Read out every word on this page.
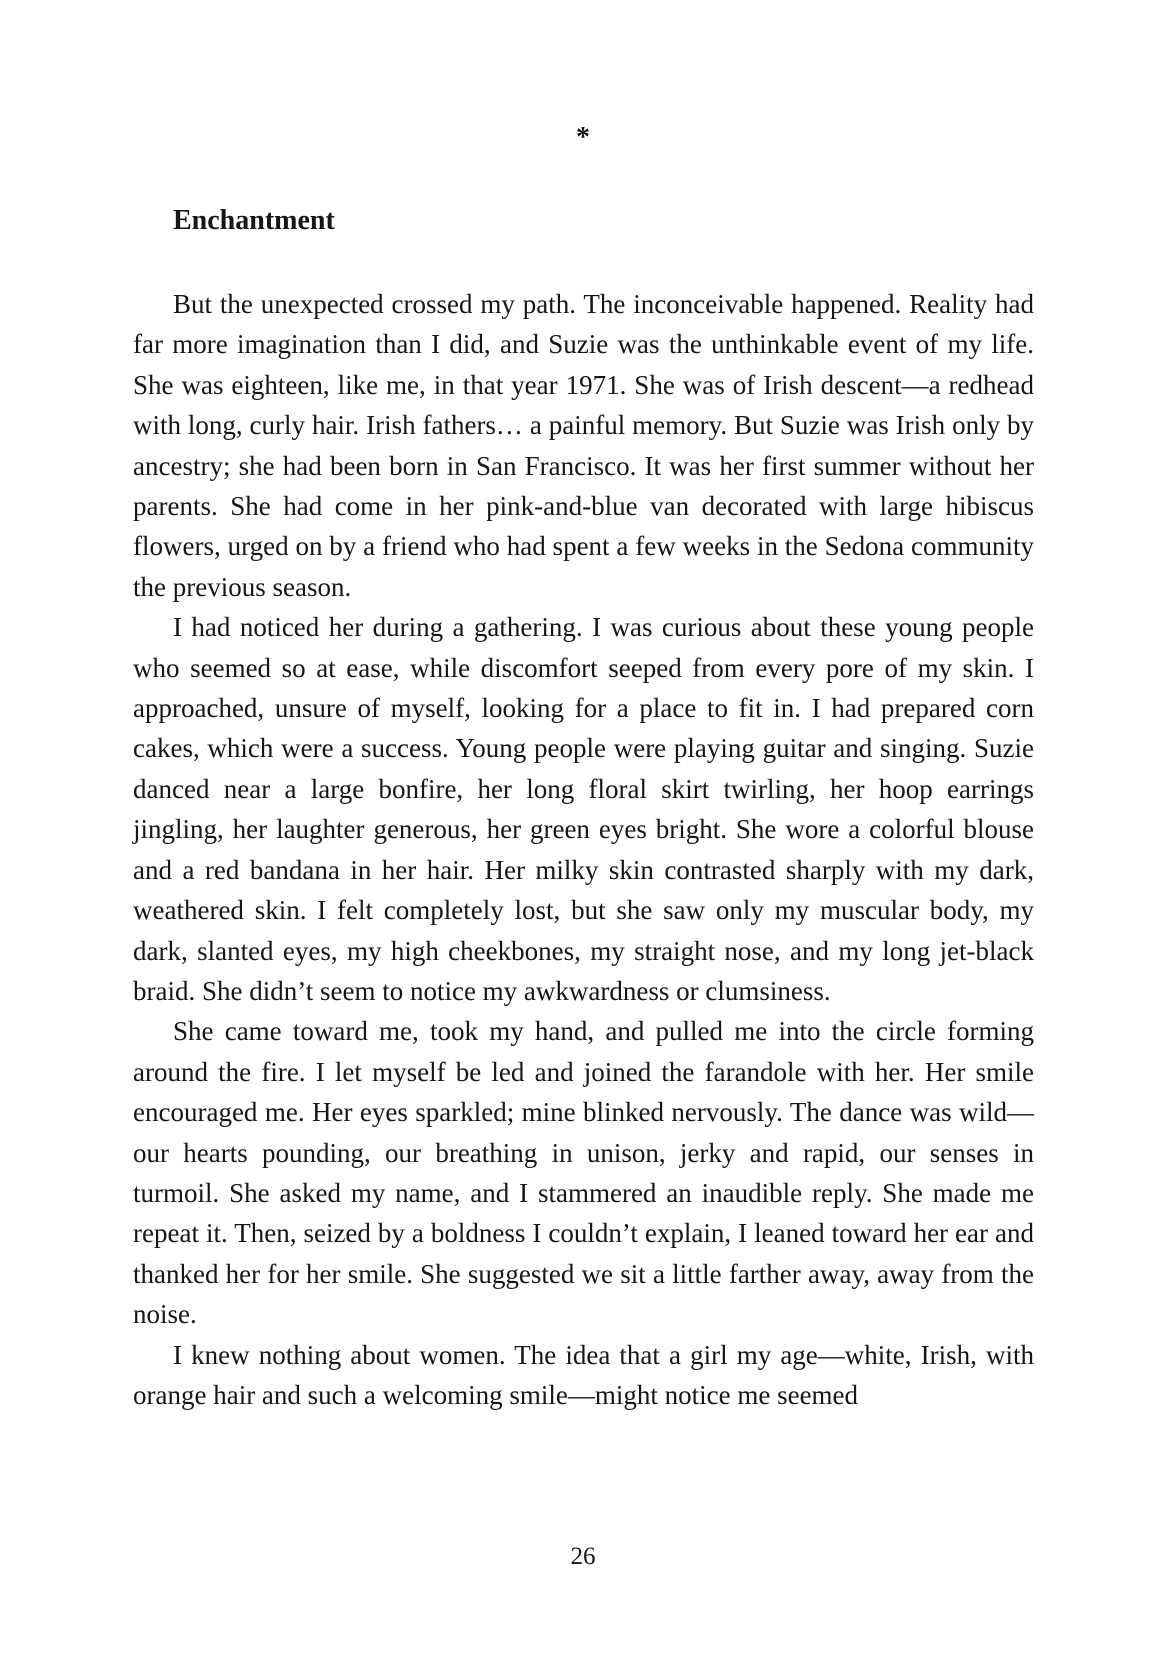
*
Enchantment

But the unexpected crossed my path. The inconceivable happened. Reality had far more imagination than I did, and Suzie was the unthinkable event of my life. She was eighteen, like me, in that year 1971. She was of Irish descent—a redhead with long, curly hair. Irish fathers… a painful memory. But Suzie was Irish only by ancestry; she had been born in San Francisco. It was her first summer without her parents. She had come in her pink-and-blue van decorated with large hibiscus flowers, urged on by a friend who had spent a few weeks in the Sedona community the previous season.

I had noticed her during a gathering. I was curious about these young people who seemed so at ease, while discomfort seeped from every pore of my skin. I approached, unsure of myself, looking for a place to fit in. I had prepared corn cakes, which were a success. Young people were playing guitar and singing. Suzie danced near a large bonfire, her long floral skirt twirling, her hoop earrings jingling, her laughter generous, her green eyes bright. She wore a colorful blouse and a red bandana in her hair. Her milky skin contrasted sharply with my dark, weathered skin. I felt completely lost, but she saw only my muscular body, my dark, slanted eyes, my high cheekbones, my straight nose, and my long jet-black braid. She didn’t seem to notice my awkwardness or clumsiness.

She came toward me, took my hand, and pulled me into the circle forming around the fire. I let myself be led and joined the farandole with her. Her smile encouraged me. Her eyes sparkled; mine blinked nervously. The dance was wild—our hearts pounding, our breathing in unison, jerky and rapid, our senses in turmoil. She asked my name, and I stammered an inaudible reply. She made me repeat it. Then, seized by a boldness I couldn’t explain, I leaned toward her ear and thanked her for her smile. She suggested we sit a little farther away, away from the noise.

I knew nothing about women. The idea that a girl my age—white, Irish, with orange hair and such a welcoming smile—might notice me seemed

26
